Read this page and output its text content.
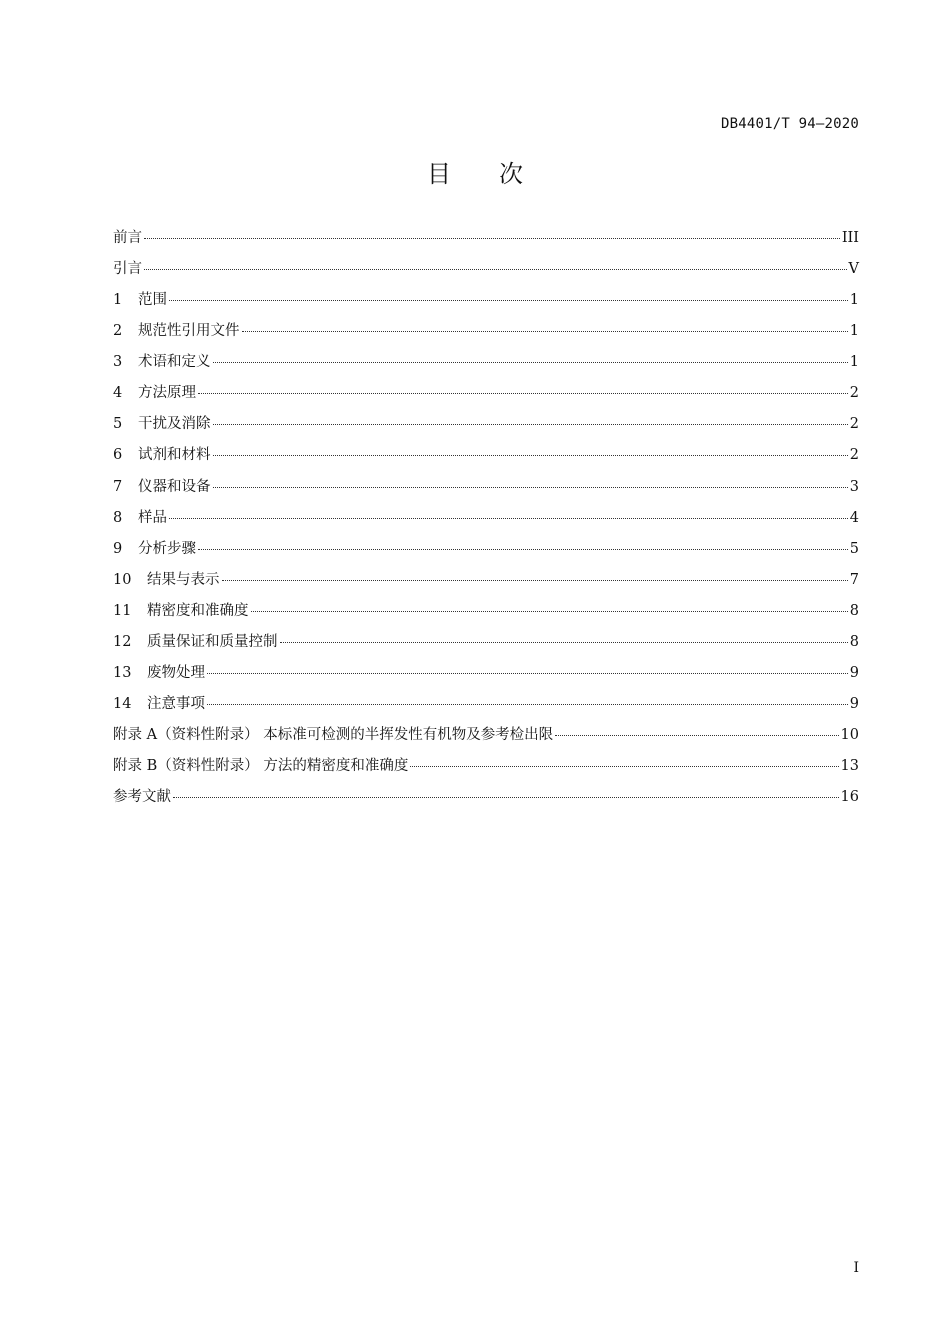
DB4401/T 94—2020
目次
前言	III
引言	V
1	范围	1
2	规范性引用文件	1
3	术语和定义	1
4	方法原理	2
5	干扰及消除	2
6	试剂和材料	2
7	仪器和设备	3
8	样品	4
9	分析步骤	5
10	结果与表示	7
11	精密度和准确度	8
12	质量保证和质量控制	8
13	废物处理	9
14	注意事项	9
附录 A（资料性附录） 本标准可检测的半挥发性有机物及参考检出限	10
附录 B（资料性附录） 方法的精密度和准确度	13
参考文献	16
I
